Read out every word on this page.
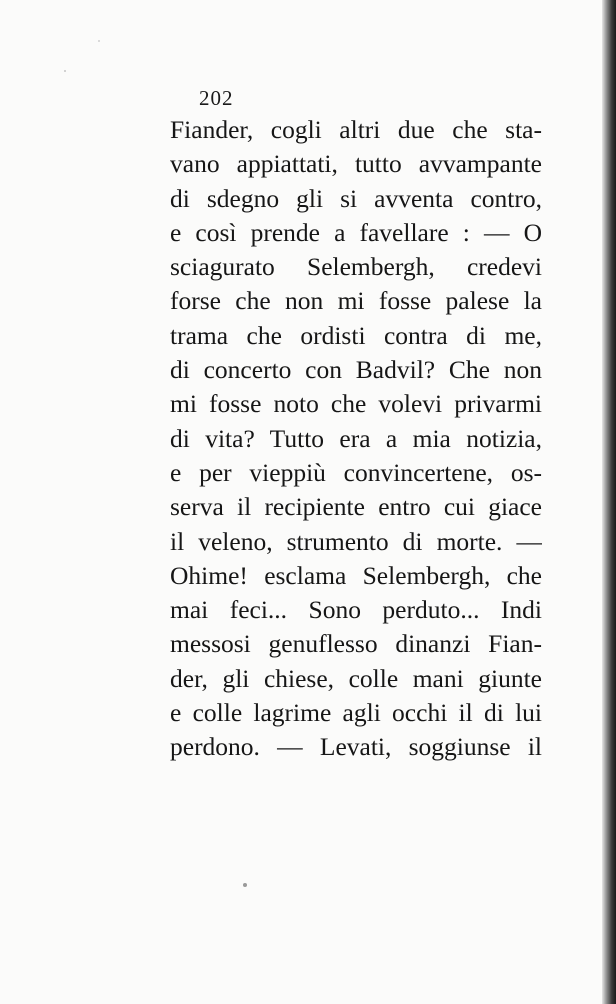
202
Fiander, cogli altri due che sta-
vano appiattati, tutto avvampante
di sdegno gli si avventa contro,
e così prende a favellare : — O
sciagurato Selembergh, credevi
forse che non mi fosse palese la
trama che ordisti contra di me,
di concerto con Badvil? Che non
mi fosse noto che volevi privarmi
di vita? Tutto era a mia notizia,
e per vieppiù convincertene, os-
serva il recipiente entro cui giace
il veleno, strumento di morte. —
Ohime! esclama Selembergh, che
mai feci... Sono perduto... Indi
messosi genuflesso dinanzi Fian-
der, gli chiese, colle mani giunte
e colle lagrime agli occhi il di lui
perdono. — Levati, soggiunse il
